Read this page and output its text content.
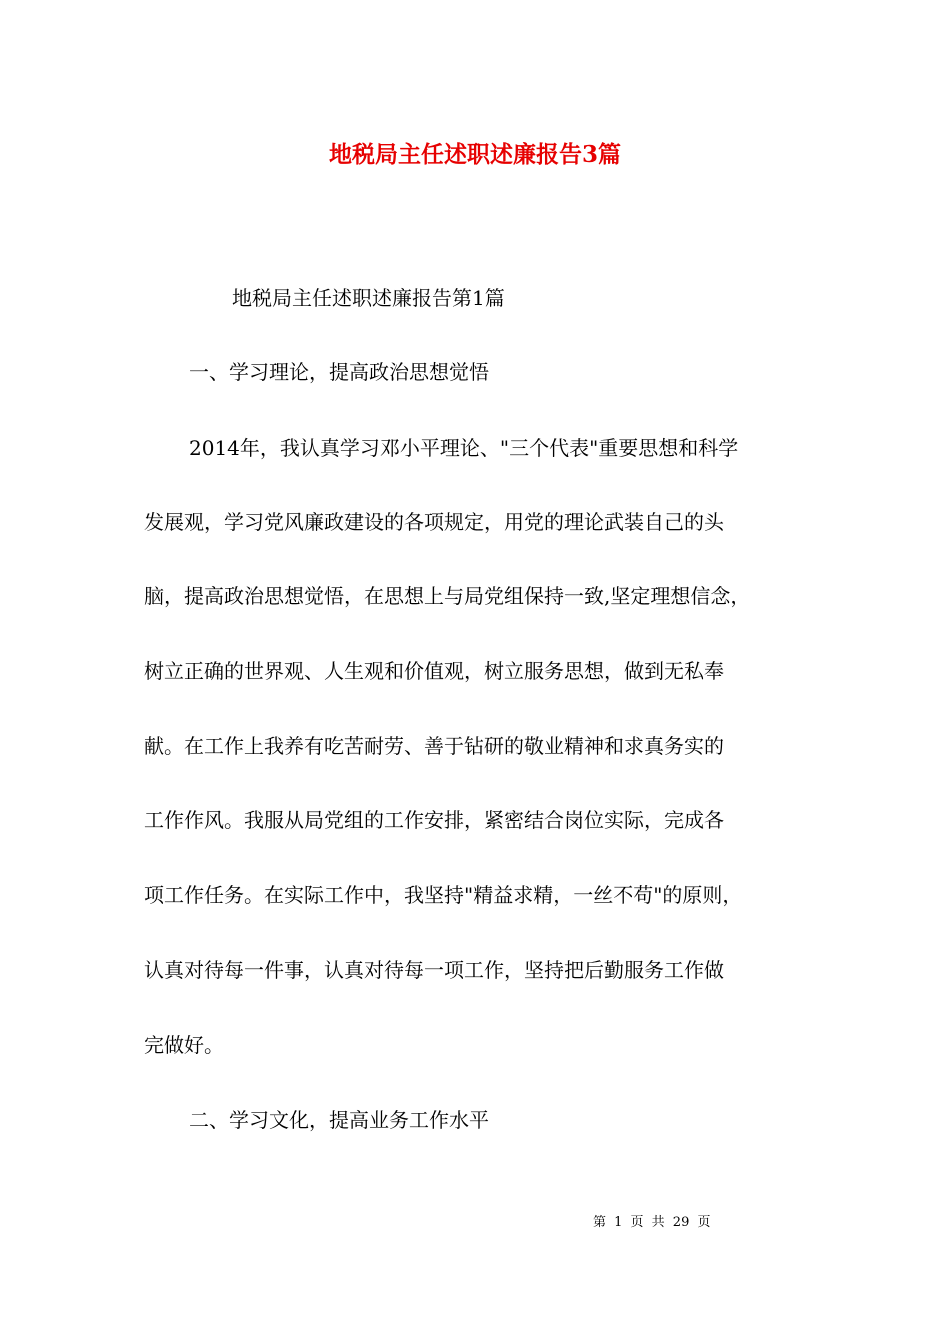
地税局主任述职述廉报告3篇
地税局主任述职述廉报告第1篇
一、学习理论，提高政治思想觉悟
2014年，我认真学习邓小平理论、"三个代表"重要思想和科学
发展观，学习党风廉政建设的各项规定，用党的理论武装自己的头
脑，提高政治思想觉悟，在思想上与局党组保持一致,坚定理想信念，
树立正确的世界观、人生观和价值观，树立服务思想，做到无私奉
献。在工作上我养有吃苦耐劳、善于钻研的敬业精神和求真务实的
工作作风。我服从局党组的工作安排，紧密结合岗位实际，完成各
项工作任务。在实际工作中，我坚持"精益求精，一丝不苟"的原则，
认真对待每一件事，认真对待每一项工作，坚持把后勤服务工作做
完做好。
二、学习文化，提高业务工作水平
第 1 页 共 29 页
